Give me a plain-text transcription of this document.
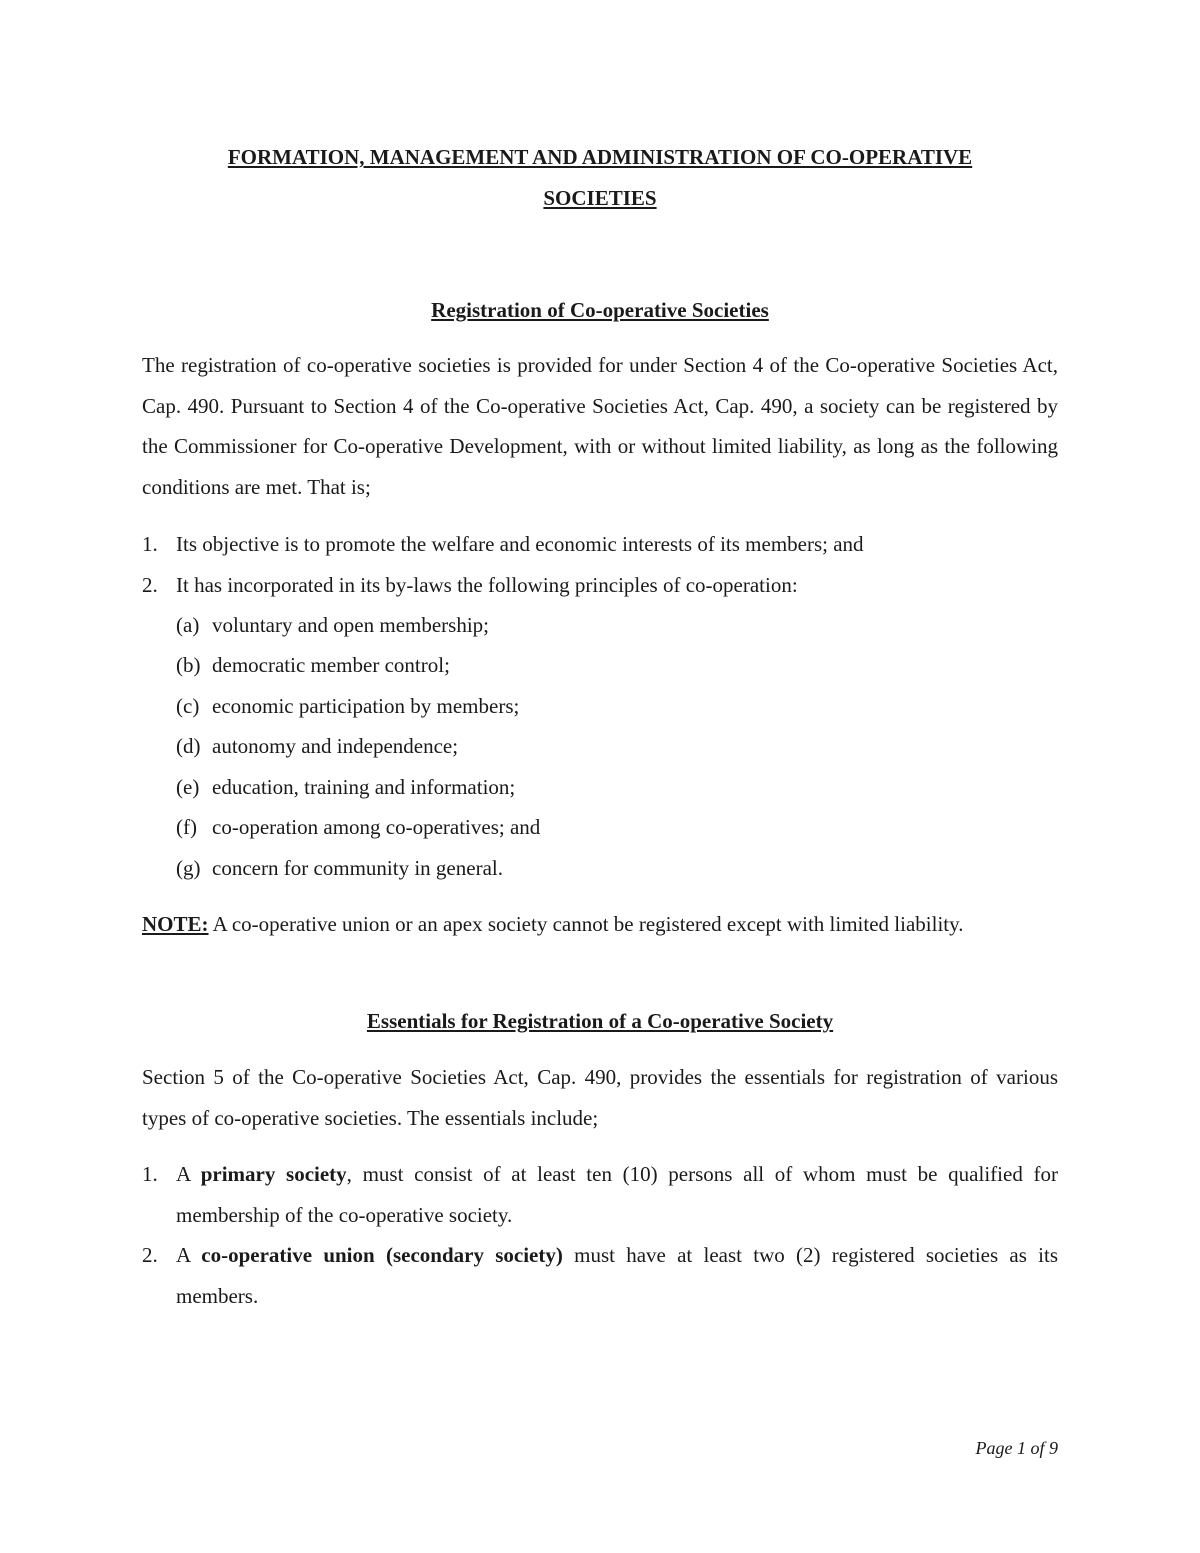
FORMATION, MANAGEMENT AND ADMINISTRATION OF CO-OPERATIVE
SOCIETIES
Registration of Co-operative Societies
The registration of co-operative societies is provided for under Section 4 of the Co-operative Societies Act, Cap. 490. Pursuant to Section 4 of the Co-operative Societies Act, Cap. 490, a society can be registered by the Commissioner for Co-operative Development, with or without limited liability, as long as the following conditions are met. That is;
1. Its objective is to promote the welfare and economic interests of its members; and
2. It has incorporated in its by-laws the following principles of co-operation:
(a) voluntary and open membership;
(b) democratic member control;
(c) economic participation by members;
(d) autonomy and independence;
(e) education, training and information;
(f) co-operation among co-operatives; and
(g) concern for community in general.
NOTE: A co-operative union or an apex society cannot be registered except with limited liability.
Essentials for Registration of a Co-operative Society
Section 5 of the Co-operative Societies Act, Cap. 490, provides the essentials for registration of various types of co-operative societies. The essentials include;
1. A primary society, must consist of at least ten (10) persons all of whom must be qualified for membership of the co-operative society.
2. A co-operative union (secondary society) must have at least two (2) registered societies as its members.
Page 1 of 9
